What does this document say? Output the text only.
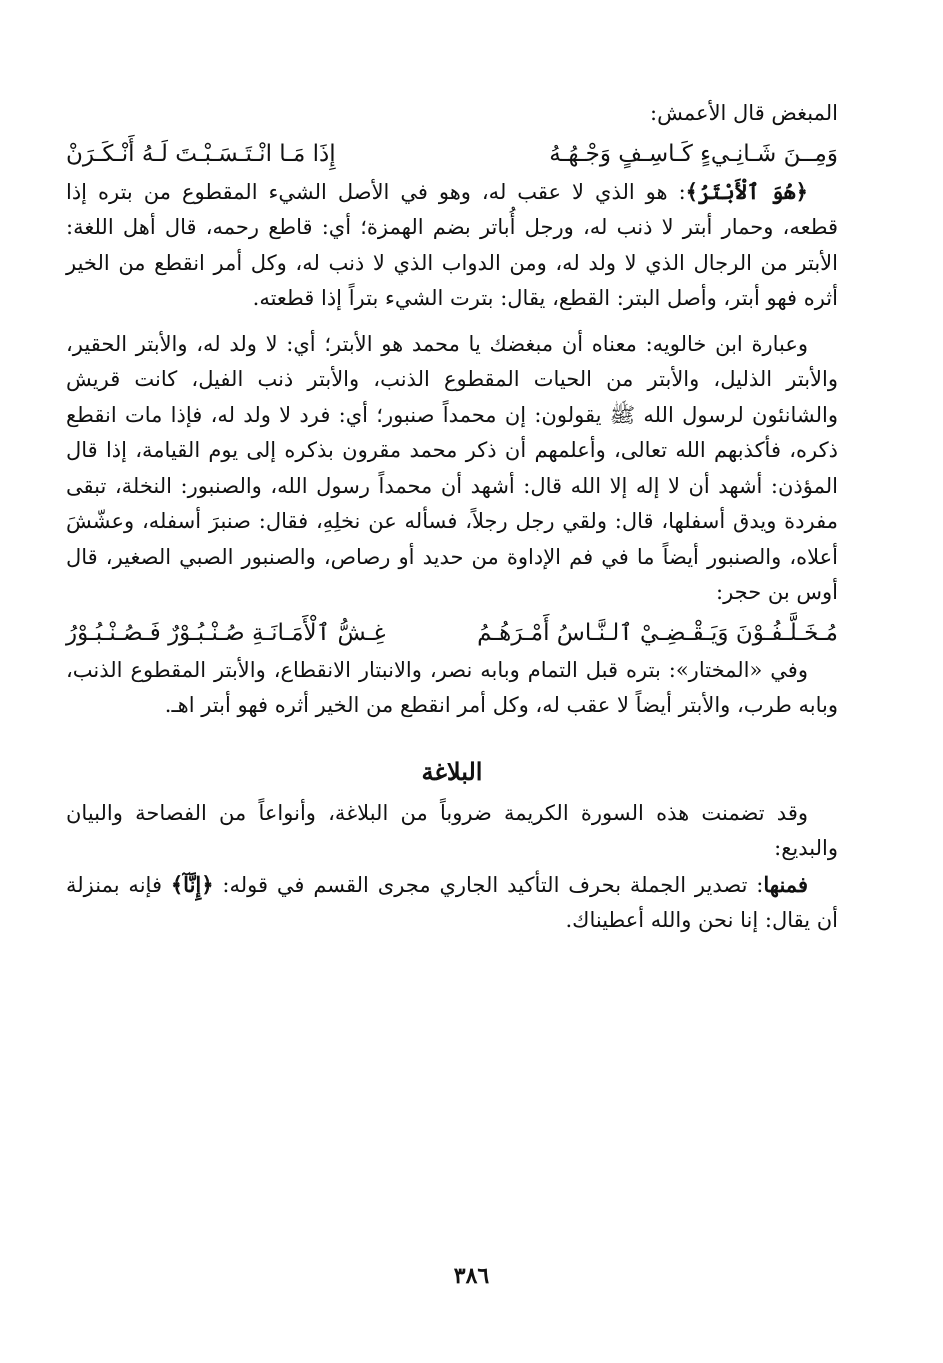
المبغض قال الأعمش:

وَمِــنَ شَـانِـيءٍ كَـاسِـفٍ وَجْـهُـهُ
إِذَا مَـا انْـتَـسَـبْـتَ لَـهُ أَنْـكَـرَنْ

﴿هُوَ ٱلْأَبْتَرُ﴾: هو الذي لا عقب له، وهو في الأصل الشيء المقطوع من بتره إذا قطعه، وحمار أبتر لا ذنب له، ورجل أُباتر بضم الهمزة؛ أي: قاطع رحمه، قال أهل اللغة: الأبتر من الرجال الذي لا ولد له، ومن الدواب الذي لا ذنب له، وكل أمر انقطع من الخير أثره فهو أبتر، وأصل البتر: القطع، يقال: بترت الشيء بتراً إذا قطعته.

وعبارة ابن خالويه: معناه أن مبغضك يا محمد هو الأبتر؛ أي: لا ولد له، والأبتر الحقير، والأبتر الذليل، والأبتر من الحيات المقطوع الذنب، والأبتر ذنب الفيل، كانت قريش والشانئون لرسول الله ﷺ يقولون: إن محمداً صنبور؛ أي: فرد لا ولد له، فإذا مات انقطع ذكره، فأكذبهم الله تعالى، وأعلمهم أن ذكر محمد مقرون بذكره إلى يوم القيامة، إذا قال المؤذن: أشهد أن لا إله إلا الله قال: أشهد أن محمداً رسول الله، والصنبور: النخلة، تبقى مفردة ويدق أسفلها، قال: ولقي رجل رجلاً، فسأله عن نخلِهِ، فقال: صنبرَ أسفله، وعشّشَ أعلاه، والصنبور أيضاً ما في فم الإداوة من حديد أو رصاص، والصنبور الصبي الصغير، قال أوس بن حجر:

مُـخَـلَّـفُـوْنَ وَيَـقْـضِـيْ ٱلـنَّـاسُ أَمْـرَهُـمُ
غِـشُّ ٱلْأَمَـانَـةِ صُـنْـبُـوْرٌ فَـصُـنْـبُـوْرُ

وفي «المختار»: بتره قبل التمام وبابه نصر، والانبتار الانقطاع، والأبتر المقطوع الذنب، وبابه طرب، والأبتر أيضاً لا عقب له، وكل أمر انقطع من الخير أثره فهو أبتر اهـ.

البلاغة

وقد تضمنت هذه السورة الكريمة ضروباً من البلاغة، وأنواعاً من الفصاحة والبيان والبديع:

فمنها: تصدير الجملة بحرف التأكيد الجاري مجرى القسم في قوله: ﴿إِنَّآ﴾ فإنه بمنزلة أن يقال: إنا نحن والله أعطيناك.

٣٨٦
